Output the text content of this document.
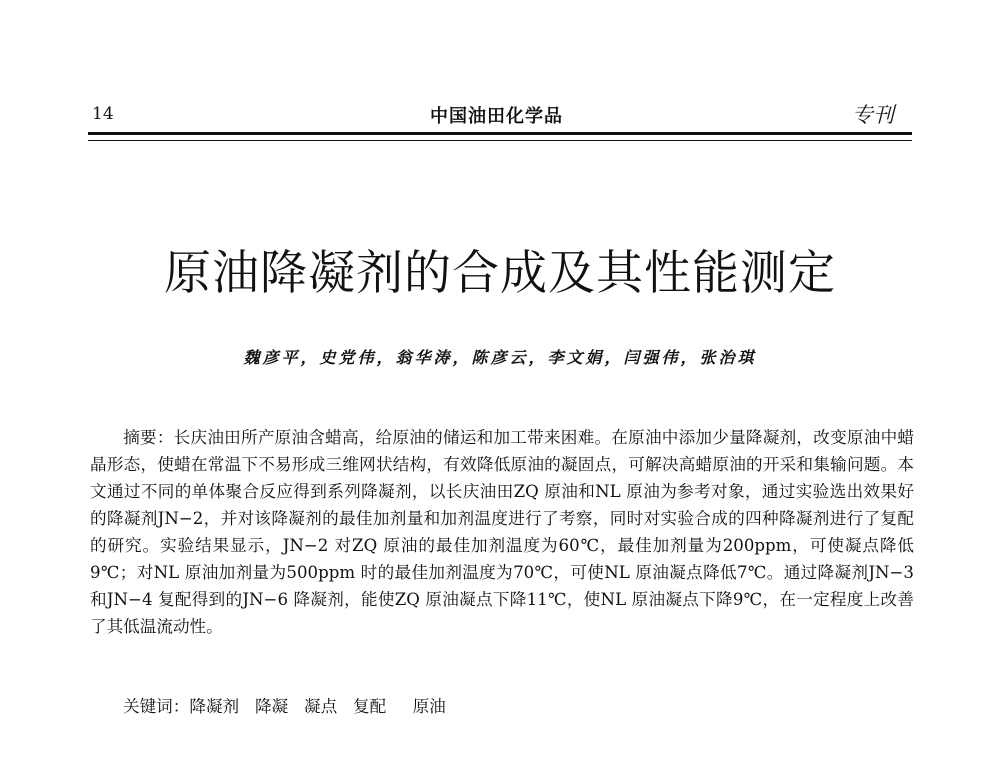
14	中国油田化学品	专刊
原油降凝剂的合成及其性能测定
魏彦平，史党伟，翁华涛，陈彦云，李文娟，闫强伟，张治琪
摘要：长庆油田所产原油含蜡高，给原油的储运和加工带来困难。在原油中添加少量降凝剂，改变原油中蜡晶形态，使蜡在常温下不易形成三维网状结构，有效降低原油的凝固点，可解决高蜡原油的开采和集输问题。本文通过不同的单体聚合反应得到系列降凝剂，以长庆油田ZQ 原油和NL 原油为参考对象，通过实验选出效果好的降凝剂JN−2，并对该降凝剂的最佳加剂量和加剂温度进行了考察，同时对实验合成的四种降凝剂进行了复配的研究。实验结果显示，JN−2 对ZQ 原油的最佳加剂温度为60℃，最佳加剂量为200ppm，可使凝点降低9℃；对NL 原油加剂量为500ppm 时的最佳加剂温度为70℃，可使NL 原油凝点降低7℃。通过降凝剂JN−3 和JN−4 复配得到的JN−6 降凝剂，能使ZQ 原油凝点下降11℃，使NL 原油凝点下降9℃，在一定程度上改善了其低温流动性。
关键词：降凝剂   降凝   凝点   复配     原油
